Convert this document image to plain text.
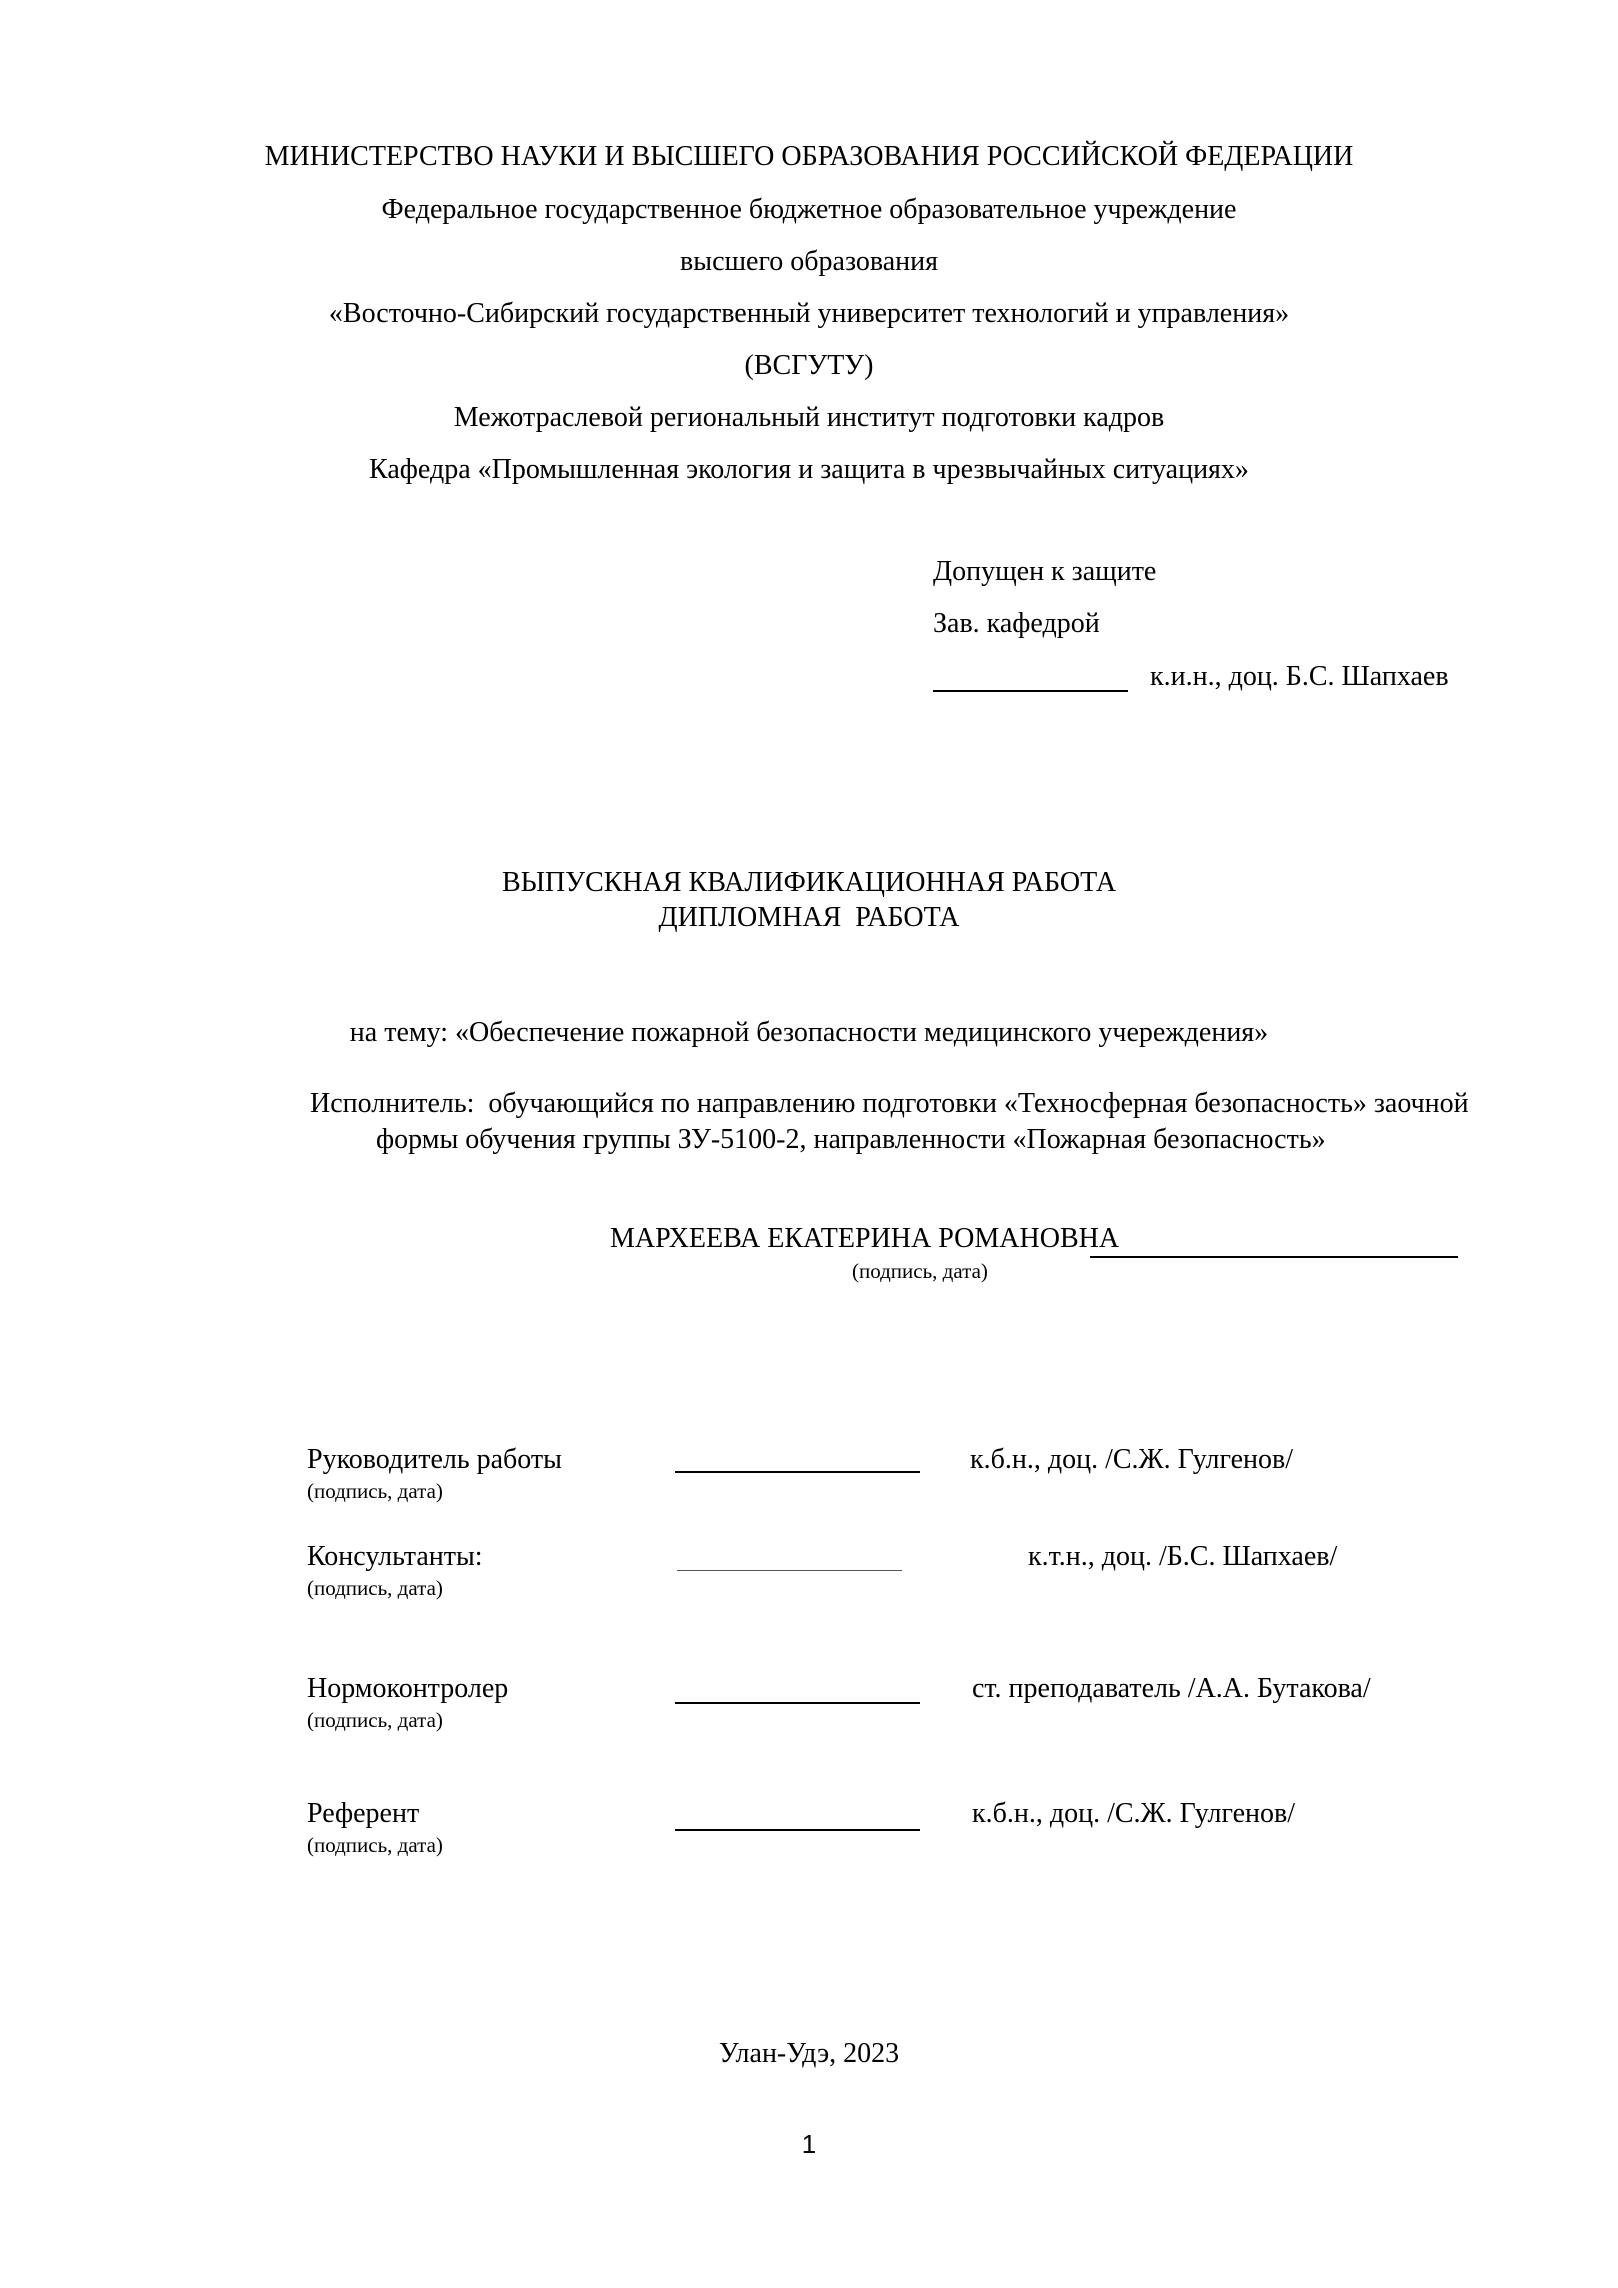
МИНИСТЕРСТВО НАУКИ И ВЫСШЕГО ОБРАЗОВАНИЯ РОССИЙСКОЙ ФЕДЕРАЦИИ
Федеральное государственное бюджетное образовательное учреждение
высшего образования
«Восточно-Сибирский государственный университет технологий и управления»
(ВСГУТУ)
Межотраслевой региональный институт подготовки кадров
Кафедра «Промышленная экология и защита в чрезвычайных ситуациях»
Допущен к защите
Зав. кафедрой
к.и.н., доц. Б.С. Шапхаев
ВЫПУСКНАЯ КВАЛИФИКАЦИОННАЯ РАБОТА
ДИПЛОМНАЯ  РАБОТА
на тему: «Обеспечение пожарной безопасности медицинского учереждения»
Исполнитель:  обучающийся по направлению подготовки «Техносферная безопасность» заочной
формы обучения группы ЗУ-5100-2, направленности «Пожарная безопасность»
МАРХЕЕВА ЕКАТЕРИНА РОМАНОВНА
(подпись, дата)
Руководитель работы
(подпись, дата)
к.б.н., доц. /С.Ж. Гулгенов/
Консультанты:
(подпись, дата)
к.т.н., доц. /Б.С. Шапхаев/
Нормоконтролер
(подпись, дата)
ст. преподаватель /А.А. Бутакова/
Референт
(подпись, дата)
к.б.н., доц. /С.Ж. Гулгенов/
Улан-Удэ, 2023
1
